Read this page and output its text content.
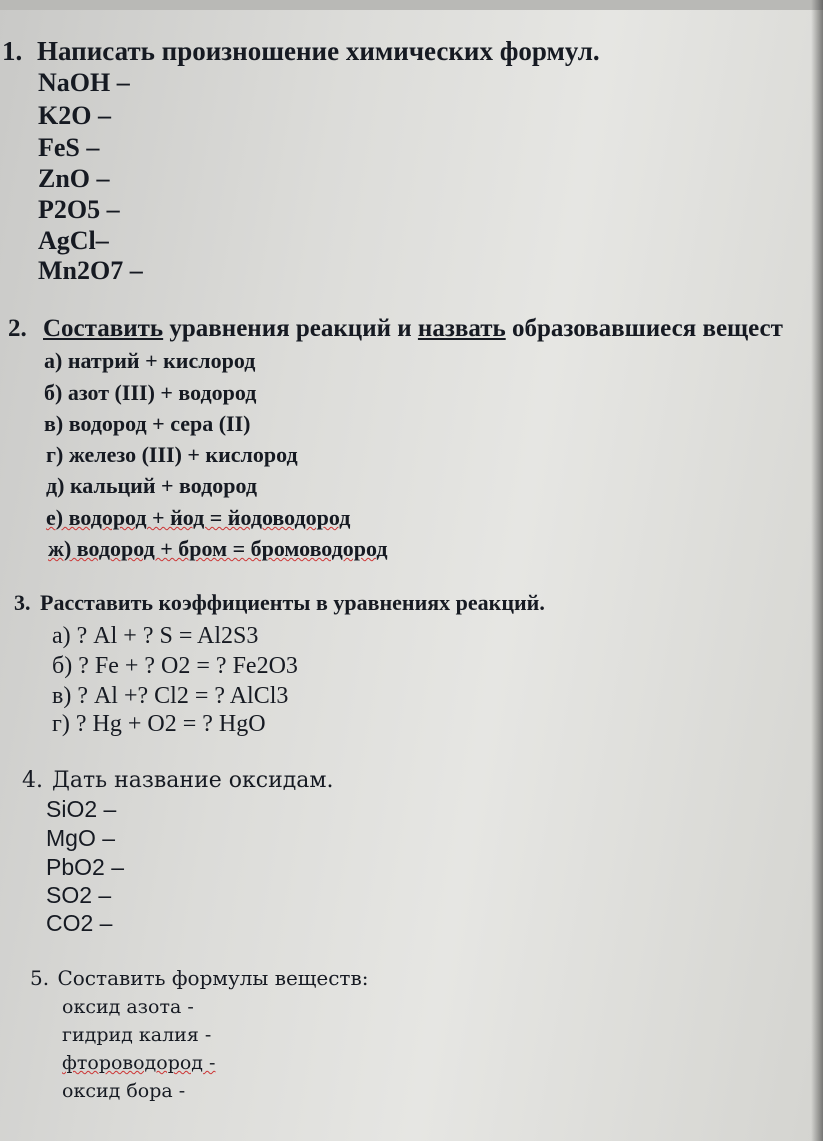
1. Написать произношение химических формул.
NaOH –
K2O –
FeS –
ZnO –
P2O5 –
AgCl–
Mn2O7 –
2. Составить уравнения реакций и назвать образовавшиеся вещест
а) натрий + кислород
б) азот (III) + водород
в) водород + сера (II)
г) железо (III) + кислород
д) кальций + водород
е) водород + йод = йодоводород
ж) водород + бром = бромоводород
3. Расставить коэффициенты в уравнениях реакций.
а) ? Al + ? S = Al2S3
б) ? Fe + ? O2 = ? Fe2O3
в) ? Al +? Cl2 = ? AlCl3
г) ? Hg + O2 = ? HgO
4. Дать название оксидам.
SiO2 –
MgO –
PbO2 –
SO2 –
CO2 –
5. Составить формулы веществ:
оксид азота -
гидрид калия -
фтороводород -
оксид бора -
